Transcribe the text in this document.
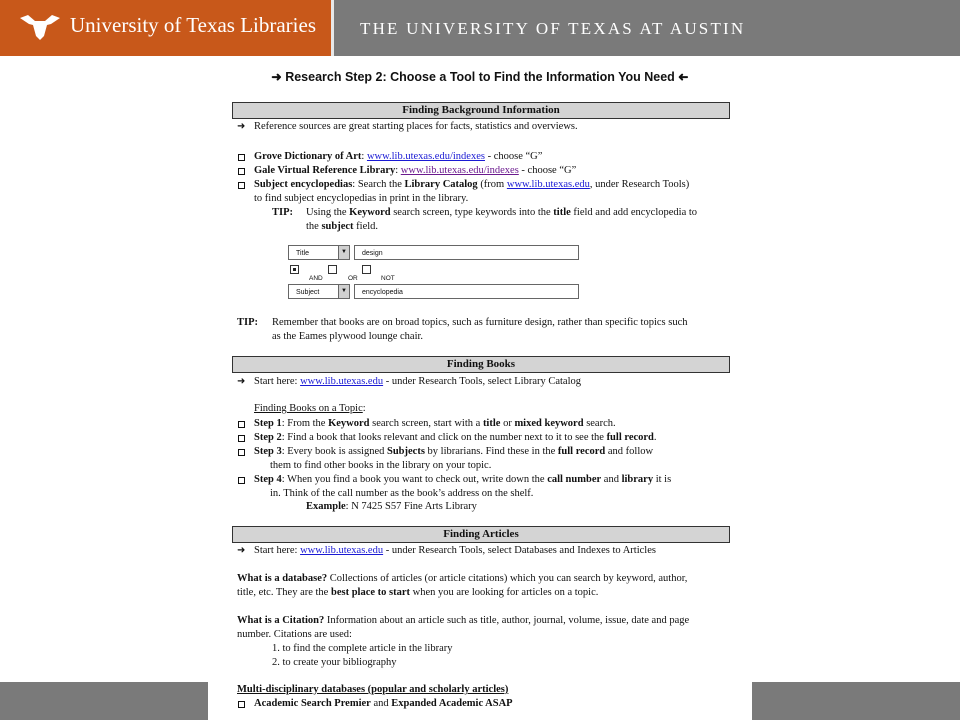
University of Texas Libraries	THE UNIVERSITY OF TEXAS AT AUSTIN
➜ Research Step 2: Choose a Tool to Find the Information You Need ➜
Finding Background Information
➜ Reference sources are great starting places for facts, statistics and overviews.
Grove Dictionary of Art: www.lib.utexas.edu/indexes - choose “G”
Gale Virtual Reference Library: www.lib.utexas.edu/indexes - choose “G”
Subject encyclopedias: Search the Library Catalog (from www.lib.utexas.edu, under Research Tools)
to find subject encyclopedias in print in the library.
TIP: Using the Keyword search screen, type keywords into the title field and add encyclopedia to
the subject field.
Title	▼	design
AND	OR	NOT
Subject	▼	encyclopedia
TIP: Remember that books are on broad topics, such as furniture design, rather than specific topics such
as the Eames plywood lounge chair.
Finding Books
➜ Start here: www.lib.utexas.edu - under Research Tools, select Library Catalog
Finding Books on a Topic:
Step 1: From the Keyword search screen, start with a title or mixed keyword search.
Step 2: Find a book that looks relevant and click on the number next to it to see the full record.
Step 3: Every book is assigned Subjects by librarians. Find these in the full record and follow
them to find other books in the library on your topic.
Step 4: When you find a book you want to check out, write down the call number and library it is
in. Think of the call number as the book’s address on the shelf.
Example: N 7425 S57 Fine Arts Library
Finding Articles
➜ Start here: www.lib.utexas.edu - under Research Tools, select Databases and Indexes to Articles
What is a database? Collections of articles (or article citations) which you can search by keyword, author,
title, etc. They are the best place to start when you are looking for articles on a topic.
What is a Citation? Information about an article such as title, author, journal, volume, issue, date and page
number. Citations are used:
1. to find the complete article in the library
2. to create your bibliography
Multi-disciplinary databases (popular and scholarly articles)
Academic Search Premier and Expanded Academic ASAP
